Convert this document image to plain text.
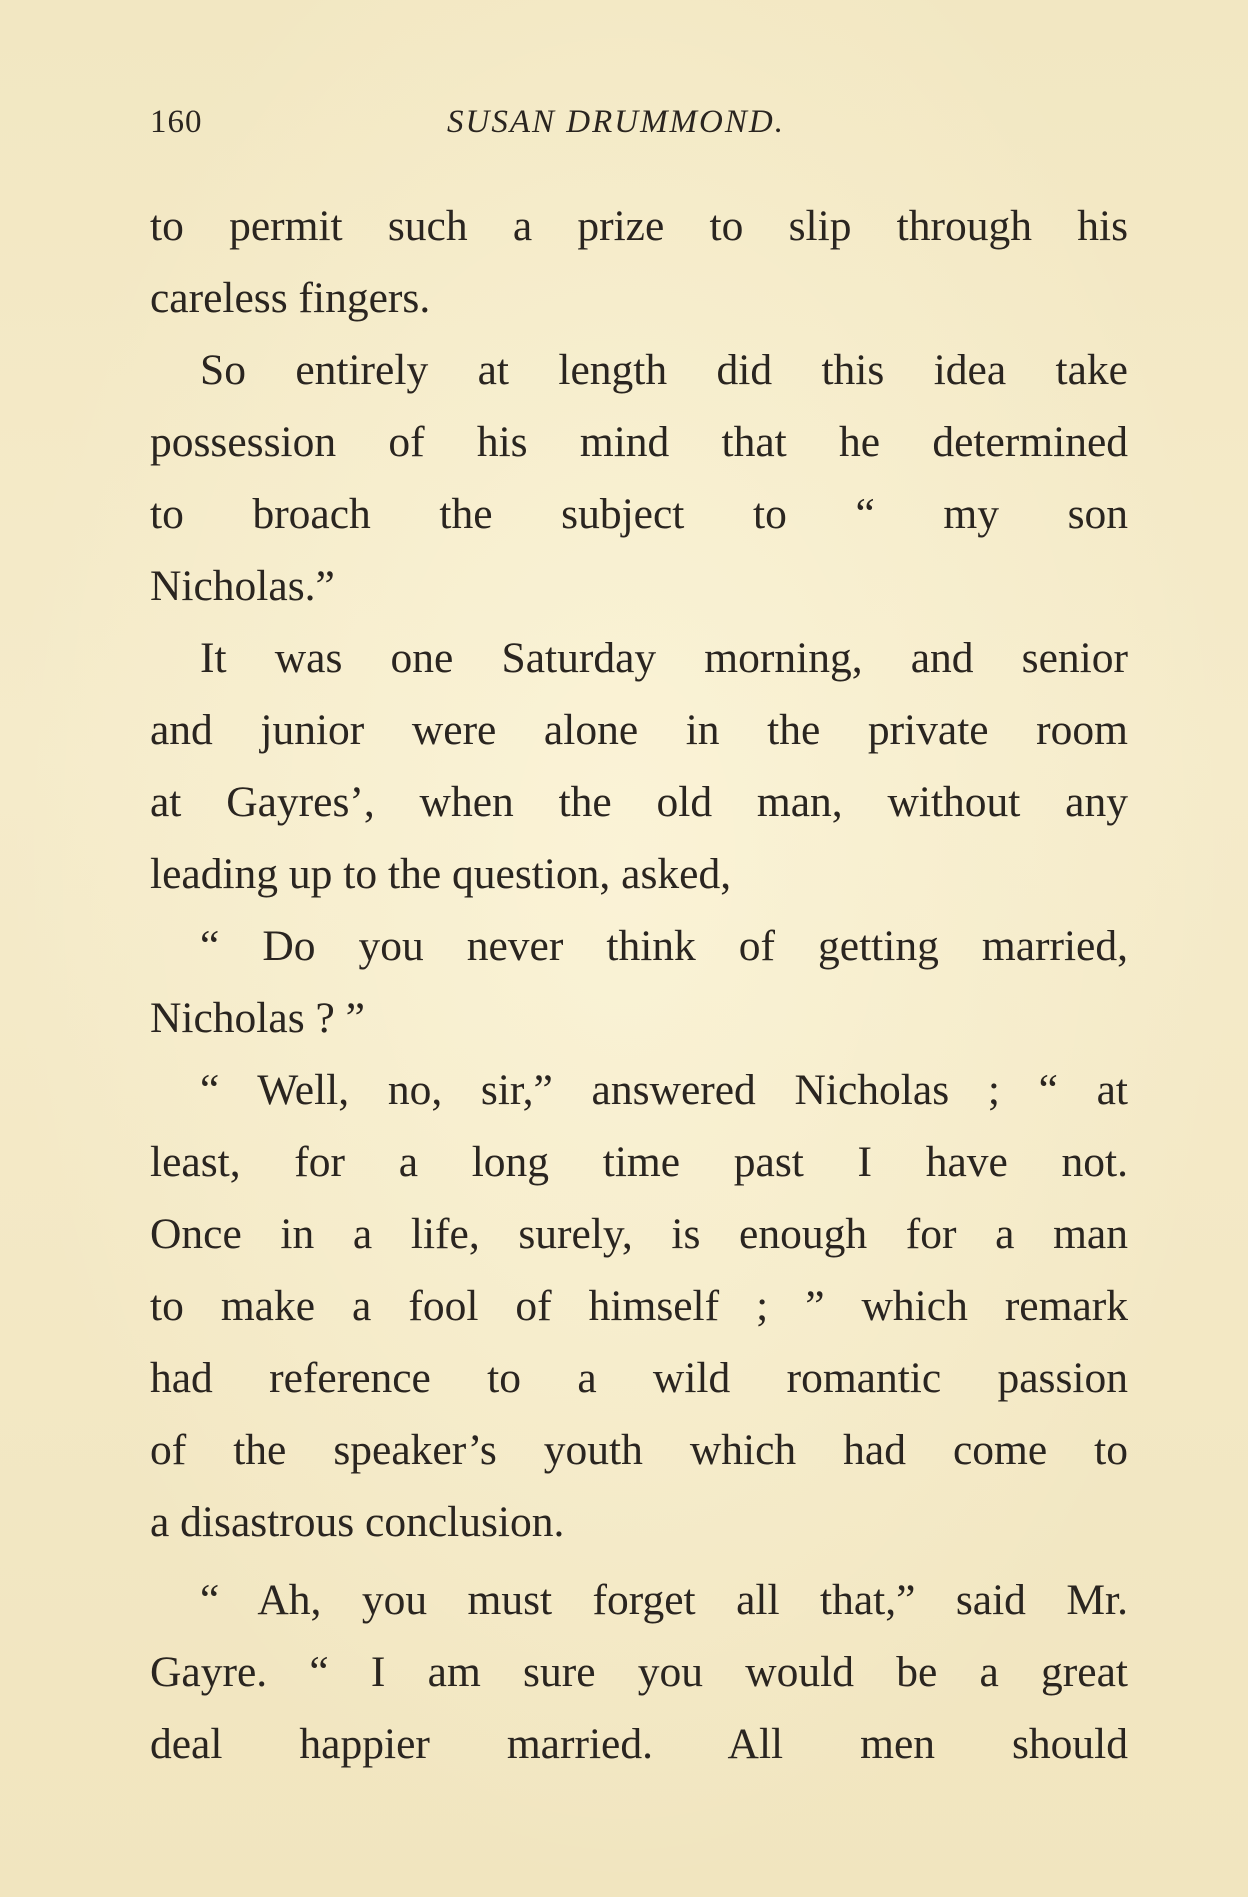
160	SUSAN DRUMMOND.
to permit such a prize to slip through his
careless fingers.
So entirely at length did this idea take
possession of his mind that he determined
to broach the subject to “ my son
Nicholas.”
It was one Saturday morning, and senior
and junior were alone in the private room
at Gayres’, when the old man, without any
leading up to the question, asked,
“ Do you never think of getting married,
Nicholas ? ”
“ Well, no, sir,” answered Nicholas ; “ at
least, for a long time past I have not.
Once in a life, surely, is enough for a man
to make a fool of himself ; ” which remark
had reference to a wild romantic passion
of the speaker’s youth which had come to
a disastrous conclusion.
“ Ah, you must forget all that,” said Mr.
Gayre. “ I am sure you would be a great
deal happier married. All men should
